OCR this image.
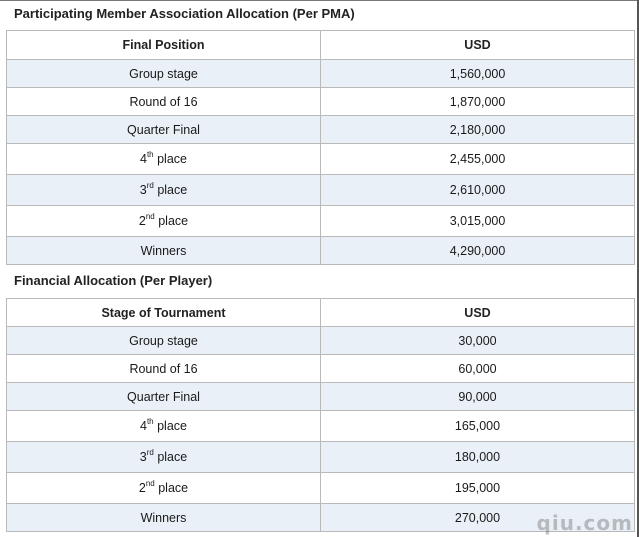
Participating Member Association Allocation (Per PMA)
Final Position	USD
Group stage	1,560,000
Round of 16	1,870,000
Quarter Final	2,180,000
4th place	2,455,000
3rd place	2,610,000
2nd place	3,015,000
Winners	4,290,000
Financial Allocation (Per Player)
Stage of Tournament	USD
Group stage	30,000
Round of 16	60,000
Quarter Final	90,000
4th place	165,000
3rd place	180,000
2nd place	195,000
Winners	270,000 qiu.com
